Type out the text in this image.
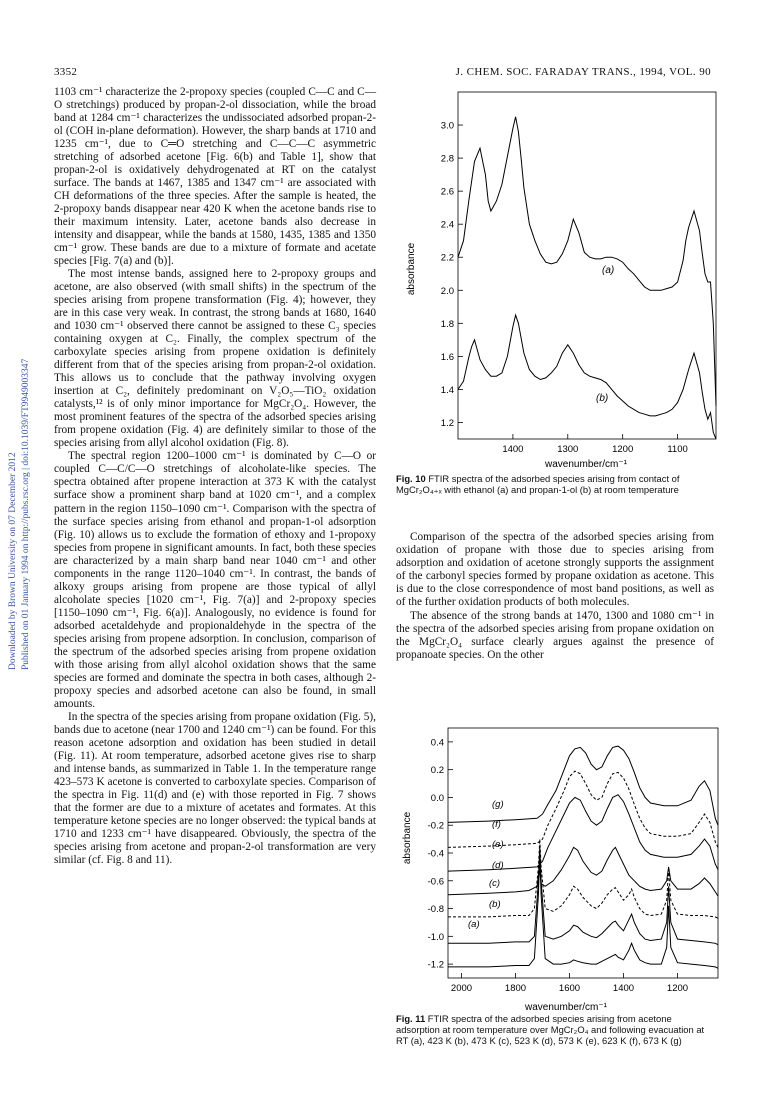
3352	J. CHEM. SOC. FARADAY TRANS., 1994, VOL. 90
Downloaded by Brown University on 07 December 2012 Published on 01 January 1994 on http://pubs.rsc.org | doi:10.1039/FT9949003347

1103 cm⁻¹ characterize the 2-propoxy species (coupled C—C and C—O stretchings) produced by propan-2-ol dissociation, while the broad band at 1284 cm⁻¹ characterizes the undissociated adsorbed propan-2-ol (COH in-plane deformation). However, the sharp bands at 1710 and 1235 cm⁻¹, due to C═O stretching and C—C—C asymmetric stretching of adsorbed acetone [Fig. 6(b) and Table 1], show that propan-2-ol is oxidatively dehydrogenated at RT on the catalyst surface. The bands at 1467, 1385 and 1347 cm⁻¹ are associated with CH deformations of the three species. After the sample is heated, the 2-propoxy bands disappear near 420 K when the acetone bands rise to their maximum intensity. Later, acetone bands also decrease in intensity and disappear, while the bands at 1580, 1435, 1385 and 1350 cm⁻¹ grow. These bands are due to a mixture of formate and acetate species [Fig. 7(a) and (b)].

The most intense bands, assigned here to 2-propoxy groups and acetone, are also observed (with small shifts) in the spectrum of the species arising from propene transformation (Fig. 4); however, they are in this case very weak. In contrast, the strong bands at 1680, 1640 and 1030 cm⁻¹ observed there cannot be assigned to these C₃ species containing oxygen at C₂. Finally, the complex spectrum of the carboxylate species arising from propene oxidation is definitely different from that of the species arising from propan-2-ol oxidation. This allows us to conclude that the pathway involving oxygen insertion at C₂, definitely predominant on V₂O₅—TiO₂ oxidation catalysts,¹² is of only minor importance for MgCr₂O₄. However, the most prominent features of the spectra of the adsorbed species arising from propene oxidation (Fig. 4) are definitely similar to those of the species arising from allyl alcohol oxidation (Fig. 8).

The spectral region 1200–1000 cm⁻¹ is dominated by C—O or coupled C—C/C—O stretchings of alcoholate-like species. The spectra obtained after propene interaction at 373 K with the catalyst surface show a prominent sharp band at 1020 cm⁻¹, and a complex pattern in the region 1150–1090 cm⁻¹. Comparison with the spectra of the surface species arising from ethanol and propan-1-ol adsorption (Fig. 10) allows us to exclude the formation of ethoxy and 1-propoxy species from propene in significant amounts. In fact, both these species are characterized by a main sharp band near 1040 cm⁻¹ and other components in the range 1120–1040 cm⁻¹. In contrast, the bands of alkoxy groups arising from propene are those typical of allyl alcoholate species [1020 cm⁻¹, Fig. 7(a)] and 2-propoxy species [1150–1090 cm⁻¹, Fig. 6(a)]. Analogously, no evidence is found for adsorbed acetaldehyde and propionaldehyde in the spectra of the species arising from propene adsorption. In conclusion, comparison of the spectrum of the adsorbed species arising from propene oxidation with those arising from allyl alcohol oxidation shows that the same species are formed and dominate the spectra in both cases, although 2-propoxy species and adsorbed acetone can also be found, in small amounts.

In the spectra of the species arising from propane oxidation (Fig. 5), bands due to acetone (near 1700 and 1240 cm⁻¹) can be found. For this reason acetone adsorption and oxidation has been studied in detail (Fig. 11). At room temperature, adsorbed acetone gives rise to sharp and intense bands, as summarized in Table 1. In the temperature range 423–573 K acetone is converted to carboxylate species. Comparison of the spectra in Fig. 11(d) and (e) with those reported in Fig. 7 shows that the former are due to a mixture of acetates and formates. At this temperature ketone species are no longer observed: the typical bands at 1710 and 1233 cm⁻¹ have disappeared. Obviously, the spectra of the species arising from acetone and propan-2-ol transformation are very similar (cf. Fig. 8 and 11).

1.2
1.4
1.6
1.8
2.0
2.2
2.4
2.6
2.8
3.0
1400	1300	1200	1100
absorbance
wavenumber/cm⁻¹
(a)
(b)
Fig. 10 FTIR spectra of the adsorbed species arising from contact of MgCr₂O₄₊ₓ with ethanol (a) and propan-1-ol (b) at room temperature

Comparison of the spectra of the adsorbed species arising from oxidation of propane with those due to species arising from adsorption and oxidation of acetone strongly supports the assignment of the carbonyl species formed by propane oxidation as acetone. This is due to the close correspondence of most band positions, as well as of the further oxidation products of both molecules.

The absence of the strong bands at 1470, 1300 and 1080 cm⁻¹ in the spectra of the adsorbed species arising from propane oxidation on the MgCr₂O₄ surface clearly argues against the presence of propanoate species. On the other

-1.2
-1.0
-0.8
-0.6
-0.4
-0.2
0.0
0.2
0.4
2000	1800	1600	1400	1200
absorbance
wavenumber/cm⁻¹
(g)
(f)
(e)
(d)
(c)
(b)
(a)
Fig. 11 FTIR spectra of the adsorbed species arising from acetone adsorption at room temperature over MgCr₂O₄ and following evacuation at RT (a), 423 K (b), 473 K (c), 523 K (d), 573 K (e), 623 K (f), 673 K (g)
